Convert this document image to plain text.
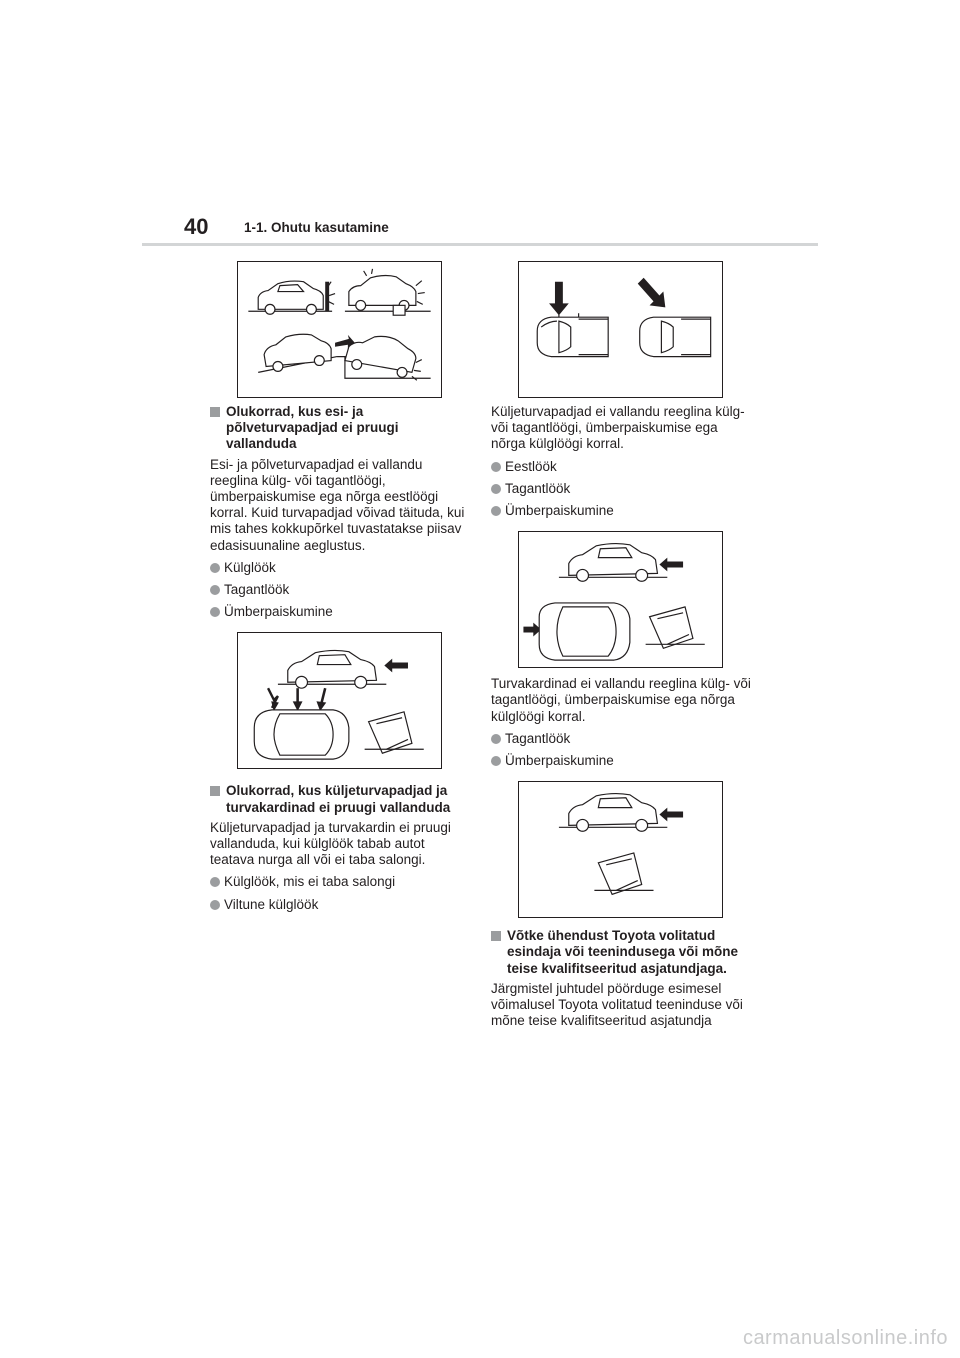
40	1-1. Ohutu kasutamine
Olukorrad, kus esi- ja põlveturvapadjad ei pruugi vallanduda

Esi- ja põlveturvapadjad ei vallandu reeglina külg- või tagantlöögi, ümberpaiskumise ega nõrga eestlöögi korral. Kuid turvapadjad võivad täituda, kui mis tahes kokkupõrkel tuvastatakse piisav edasisuunaline aeglustus.

Külglöök
Tagantlöök
Ümberpaiskumine
Olukorrad, kus küljeturvapadjad ja turvakardinad ei pruugi vallanduda

Küljeturvapadjad ja turvakardin ei pruugi vallanduda, kui külglöök tabab autot teatava nurga all või ei taba salongi.

Külglöök, mis ei taba salongi
Viltune külglöök

Küljeturvapadjad ei vallandu reeglina külg- või tagantlöögi, ümberpaiskumise ega nõrga külglöögi korral.

Eestlöök
Tagantlöök
Ümberpaiskumine

Turvakardinad ei vallandu reeglina külg- või tagantlöögi, ümberpaiskumise ega nõrga külglöögi korral.

Tagantlöök
Ümberpaiskumine
Võtke ühendust Toyota volitatud esindaja või teenindusega või mõne teise kvalifitseeritud asjatundjaga.

Järgmistel juhtudel pöörduge esimesel võimalusel Toyota volitatud teeninduse või mõne teise kvalifitseeritud asjatundja

carmanualsonline.info
